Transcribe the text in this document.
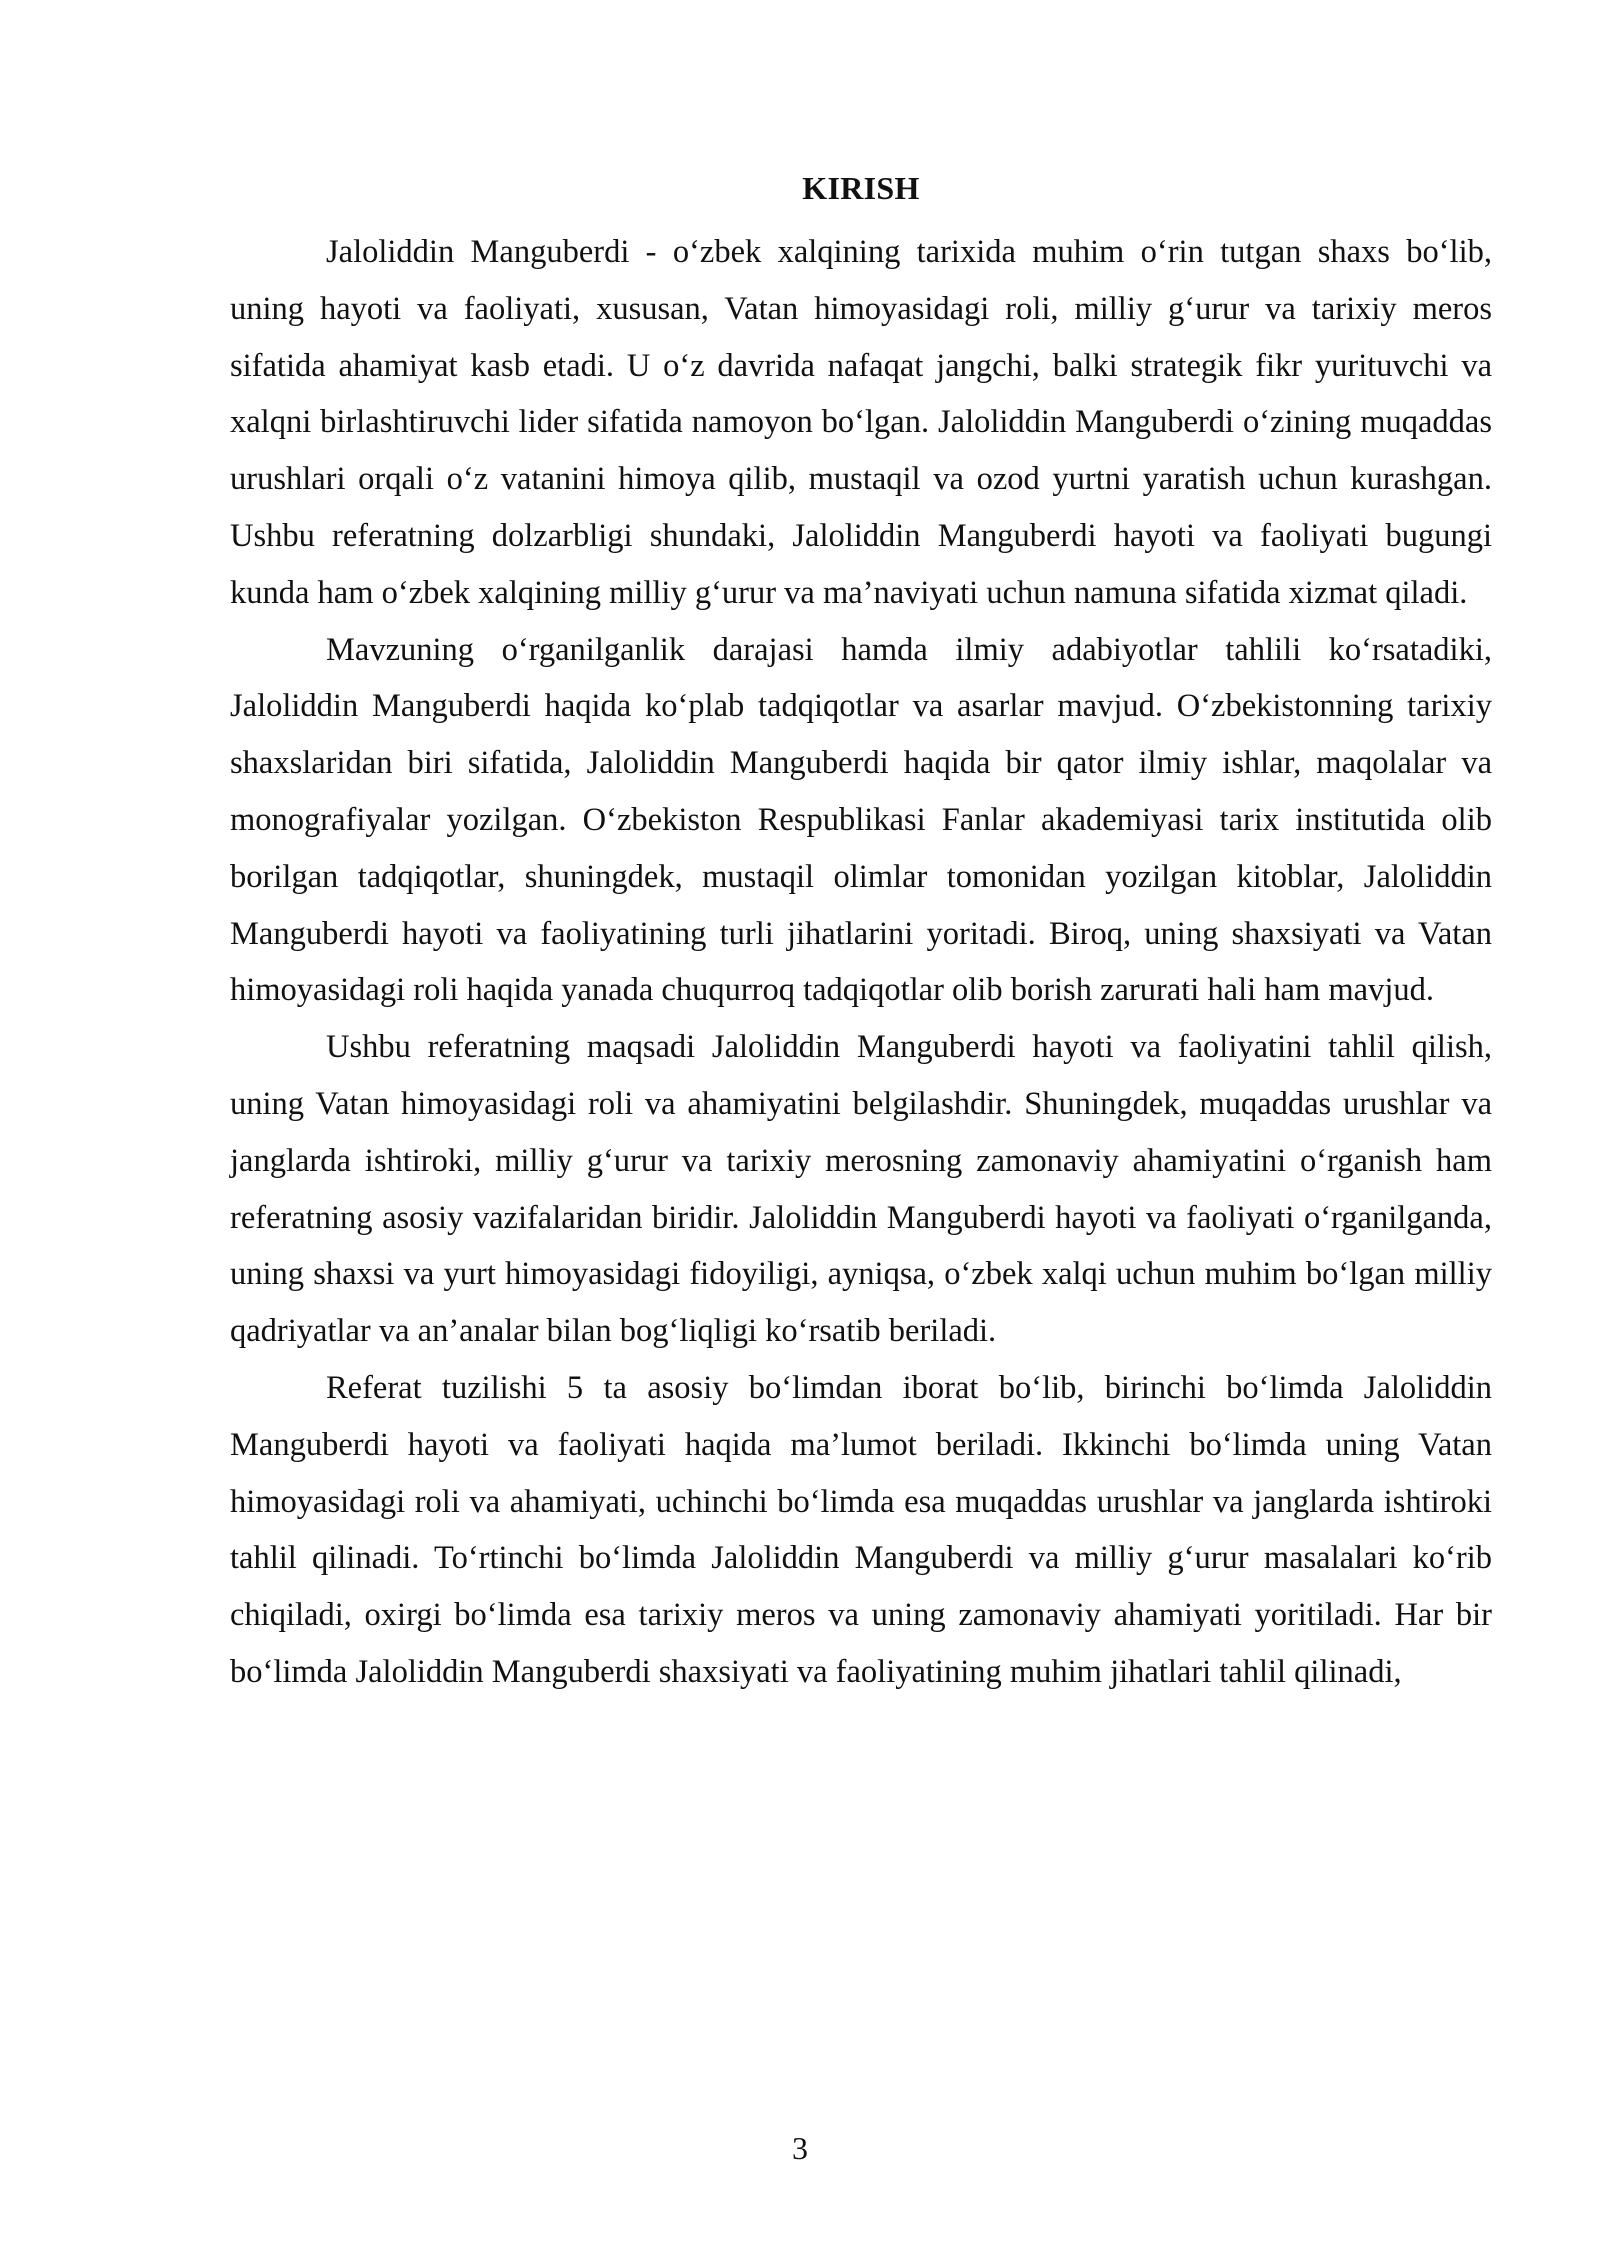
KIRISH

Jaloliddin Manguberdi - o‘zbek xalqining tarixida muhim o‘rin tutgan shaxs bo‘lib, uning hayoti va faoliyati, xususan, Vatan himoyasidagi roli, milliy g‘urur va tarixiy meros sifatida ahamiyat kasb etadi. U o‘z davrida nafaqat jangchi, balki strategik fikr yurituvchi va xalqni birlashtiruvchi lider sifatida namoyon bo‘lgan. Jaloliddin Manguberdi o‘zining muqaddas urushlari orqali o‘z vatanini himoya qilib, mustaqil va ozod yurtni yaratish uchun kurashgan. Ushbu referatning dolzarbligi shundaki, Jaloliddin Manguberdi hayoti va faoliyati bugungi kunda ham o‘zbek xalqining milliy g‘urur va ma’naviyati uchun namuna sifatida xizmat qiladi.

Mavzuning o‘rganilganlik darajasi hamda ilmiy adabiyotlar tahlili ko‘rsatadiki, Jaloliddin Manguberdi haqida ko‘plab tadqiqotlar va asarlar mavjud. O‘zbekistonning tarixiy shaxslaridan biri sifatida, Jaloliddin Manguberdi haqida bir qator ilmiy ishlar, maqolalar va monografiyalar yozilgan. O‘zbekiston Respublikasi Fanlar akademiyasi tarix institutida olib borilgan tadqiqotlar, shuningdek, mustaqil olimlar tomonidan yozilgan kitoblar, Jaloliddin Manguberdi hayoti va faoliyatining turli jihatlarini yoritadi. Biroq, uning shaxsiyati va Vatan himoyasidagi roli haqida yanada chuqurroq tadqiqotlar olib borish zarurati hali ham mavjud.

Ushbu referatning maqsadi Jaloliddin Manguberdi hayoti va faoliyatini tahlil qilish, uning Vatan himoyasidagi roli va ahamiyatini belgilashdir. Shuningdek, muqaddas urushlar va janglarda ishtiroki, milliy g‘urur va tarixiy merosning zamonaviy ahamiyatini o‘rganish ham referatning asosiy vazifalaridan biridir. Jaloliddin Manguberdi hayoti va faoliyati o‘rganilganda, uning shaxsi va yurt himoyasidagi fidoyiligi, ayniqsa, o‘zbek xalqi uchun muhim bo‘lgan milliy qadriyatlar va an’analar bilan bog‘liqligi ko‘rsatib beriladi.

Referat tuzilishi 5 ta asosiy bo‘limdan iborat bo‘lib, birinchi bo‘limda Jaloliddin Manguberdi hayoti va faoliyati haqida ma’lumot beriladi. Ikkinchi bo‘limda uning Vatan himoyasidagi roli va ahamiyati, uchinchi bo‘limda esa muqaddas urushlar va janglarda ishtiroki tahlil qilinadi. To‘rtinchi bo‘limda Jaloliddin Manguberdi va milliy g‘urur masalalari ko‘rib chiqiladi, oxirgi bo‘limda esa tarixiy meros va uning zamonaviy ahamiyati yoritiladi. Har bir bo‘limda Jaloliddin Manguberdi shaxsiyati va faoliyatining muhim jihatlari tahlil qilinadi,

3
